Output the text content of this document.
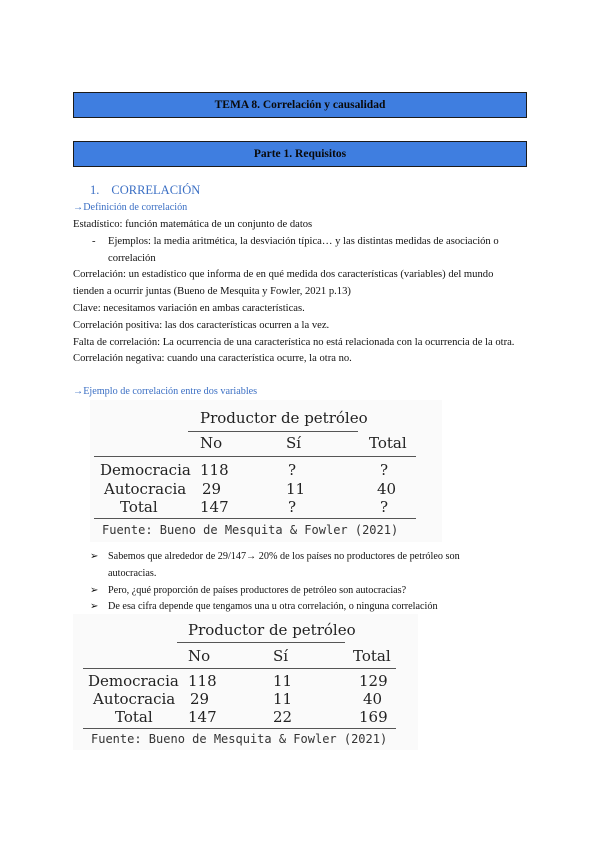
TEMA 8. Correlación y causalidad
Parte 1. Requisitos
1. CORRELACIÓN
→Definición de correlación
Estadístico: función matemática de un conjunto de datos
- Ejemplos: la media aritmética, la desviación típica… y las distintas medidas de asociación o
correlación
Correlación: un estadístico que informa de en qué medida dos características (variables) del mundo
tienden a ocurrir juntas (Bueno de Mesquita y Fowler, 2021 p.13)
Clave: necesitamos variación en ambas características.
Correlación positiva: las dos características ocurren a la vez.
Falta de correlación: La ocurrencia de una característica no está relacionada con la ocurrencia de la otra.
Correlación negativa: cuando una característica ocurre, la otra no.
→Ejemplo de correlación entre dos variables
Productor de petróleo
No	Sí	Total
Democracia 118	?	?
Autocracia 29	11	40
Total	147	?	?
Fuente: Bueno de Mesquita & Fowler (2021)
➢ Sabemos que alrededor de 29/147→ 20% de los países no productores de petróleo son
autocracias.
➢ Pero, ¿qué proporción de países productores de petróleo son autocracias?
➢ De esa cifra depende que tengamos una u otra correlación, o ninguna correlación
Productor de petróleo
No	Sí	Total
Democracia 118	11	129
Autocracia 29	11	40
Total 147	22	169
Fuente: Bueno de Mesquita & Fowler (2021)
